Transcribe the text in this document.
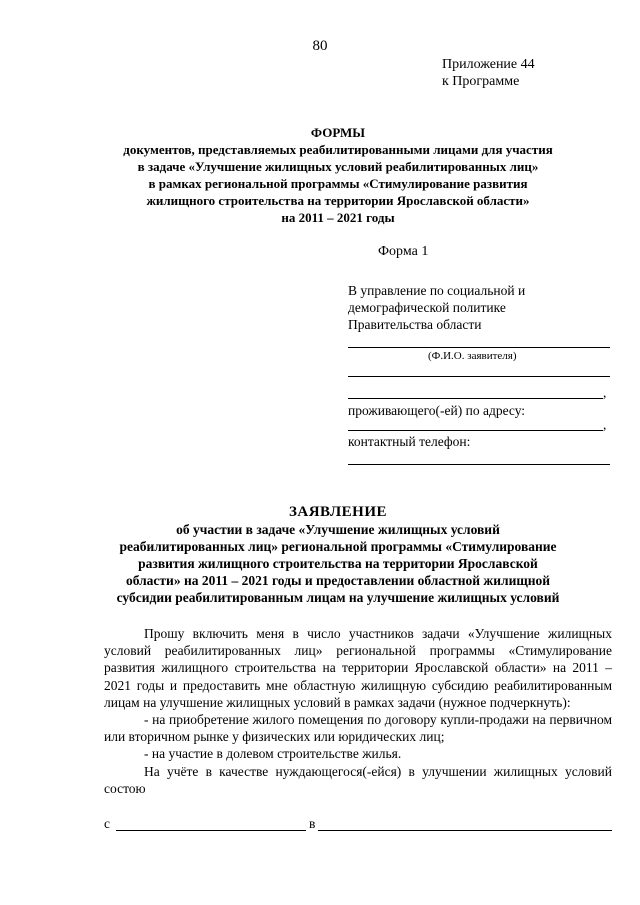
80
Приложение 44
к Программе
ФОРМЫ
документов, представляемых реабилитированными лицами для участия
в задаче «Улучшение жилищных условий реабилитированных лиц»
в рамках региональной программы «Стимулирование развития
жилищного строительства на территории Ярославской области»
на 2011 – 2021 годы
Форма 1
В управление по социальной и
демографической политике
Правительства области
(Ф.И.О. заявителя)
,
проживающего(-ей) по адресу:
,
контактный телефон:
ЗАЯВЛЕНИЕ
об участии в задаче «Улучшение жилищных условий
реабилитированных лиц» региональной программы «Стимулирование
развития жилищного строительства на территории Ярославской
области» на 2011 – 2021 годы и предоставлении областной жилищной
субсидии реабилитированным лицам на улучшение жилищных условий

Прошу включить меня в число участников задачи «Улучшение жилищных условий реабилитированных лиц» региональной программы «Стимулирование развития жилищного строительства на территории Ярославской области» на 2011 – 2021 годы и предоставить мне областную жилищную субсидию реабилитированным лицам на улучшение жилищных условий в рамках задачи (нужное подчеркнуть):

- на приобретение жилого помещения по договору купли-продажи на первичном или вторичном рынке у физических или юридических лиц;

- на участие в долевом строительстве жилья.

На учёте в качестве нуждающегося(-ейся) в улучшении жилищных условий состою

с	в
